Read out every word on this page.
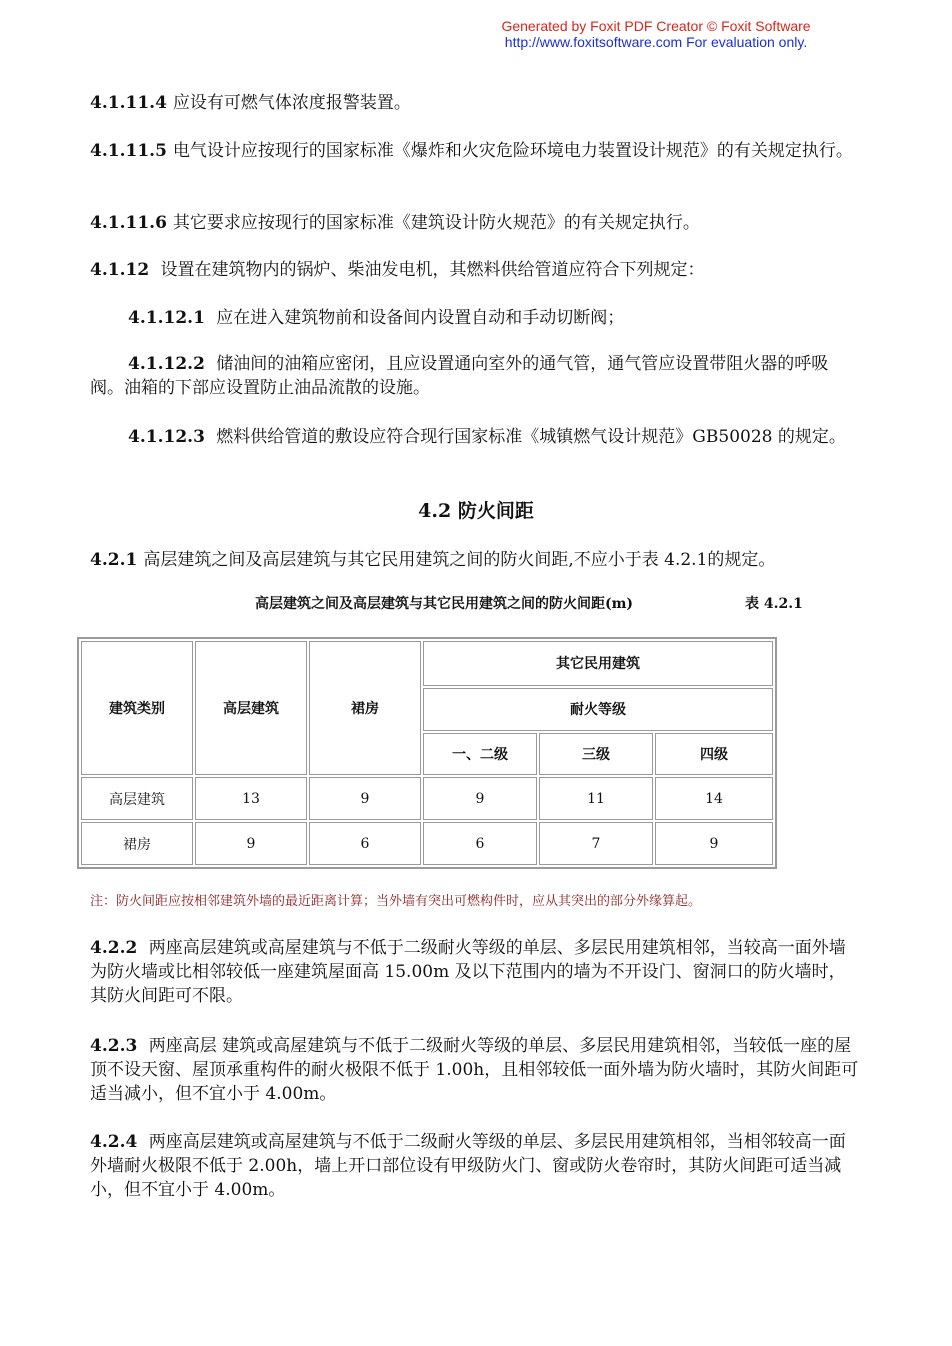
Generated by Foxit PDF Creator © Foxit Software
http://www.foxitsoftware.com For evaluation only.

4.1.11.4 应设有可燃气体浓度报警装置。

4.1.11.5 电气设计应按现行的国家标准《爆炸和火灾危险环境电力装置设计规范》的有关规定执行。

4.1.11.6 其它要求应按现行的国家标准《建筑设计防火规范》的有关规定执行。

4.1.12 设置在建筑物内的锅炉、柴油发电机，其燃料供给管道应符合下列规定：

4.1.12.1 应在进入建筑物前和设备间内设置自动和手动切断阀；

4.1.12.2 储油间的油箱应密闭，且应设置通向室外的通气管，通气管应设置带阻火器的呼吸阀。油箱的下部应设置防止油品流散的设施。

4.1.12.3 燃料供给管道的敷设应符合现行国家标准《城镇燃气设计规范》GB50028 的规定。

4.2 防火间距

4.2.1 高层建筑之间及高层建筑与其它民用建筑之间的防火间距,不应小于表 4.2.1的规定。

高层建筑之间及高层建筑与其它民用建筑之间的防火间距(m)	表 4.2.1
建筑类别	高层建筑	裙房	其它民用建筑		
			耐火等级		
			一、二级	三级	四级
高层建筑	13	9	9	11	14
裙房	9	6	6	7	9
注：防火间距应按相邻建筑外墙的最近距离计算；当外墙有突出可燃构件时，应从其突出的部分外缘算起。

4.2.2 两座高层建筑或高屋建筑与不低于二级耐火等级的单层、多层民用建筑相邻，当较高一面外墙为防火墙或比相邻较低一座建筑屋面高 15.00m 及以下范围内的墙为不开设门、窗洞口的防火墙时，其防火间距可不限。

4.2.3 两座高层 建筑或高屋建筑与不低于二级耐火等级的单层、多层民用建筑相邻，当较低一座的屋顶不设天窗、屋顶承重构件的耐火极限不低于 1.00h，且相邻较低一面外墙为防火墙时，其防火间距可适当减小，但不宜小于 4.00m。

4.2.4 两座高层建筑或高屋建筑与不低于二级耐火等级的单层、多层民用建筑相邻，当相邻较高一面外墙耐火极限不低于 2.00h，墙上开口部位设有甲级防火门、窗或防火卷帘时，其防火间距可适当减小，但不宜小于 4.00m。
